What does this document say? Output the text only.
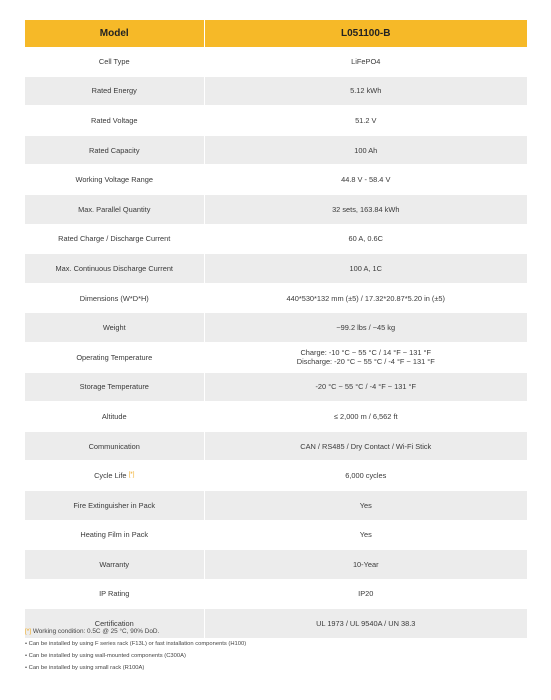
Model	L051100-B
Cell Type	LiFePO4
Rated Energy	5.12 kWh
Rated Voltage	51.2 V
Rated Capacity	100 Ah
Working Voltage Range	44.8 V - 58.4 V
Max. Parallel Quantity	32 sets, 163.84 kWh
Rated Charge / Discharge Current	60 A, 0.6C
Max. Continuous Discharge Current	100 A, 1C
Dimensions (W*D*H)	440*530*132 mm (±5) / 17.32*20.87*5.20 in (±5)
Weight	~99.2 lbs / ~45 kg
Operating Temperature	Charge: -10 °C ~ 55 °C / 14 °F ~ 131 °F
Discharge: -20 °C ~ 55 °C / -4 °F ~ 131 °F

Storage Temperature	-20 °C ~ 55 °C / -4 °F ~ 131 °F
Altitude	≤ 2,000 m / 6,562 ft
Communication	CAN / RS485 / Dry Contact / Wi-Fi Stick
Cycle Life [*]	6,000 cycles
Fire Extinguisher in Pack	Yes
Heating Film in Pack	Yes
Warranty	10-Year
IP Rating	IP20
Certification	UL 1973 / UL 9540A / UN 38.3

[*] Working condition: 0.5C @ 25 °C, 90% DoD.

• Can be installed by using F series rack (F13L) or fast installation components (H100)
• Can be installed by using wall-mounted components (C300A)
• Can be installed by using small rack (R100A)
